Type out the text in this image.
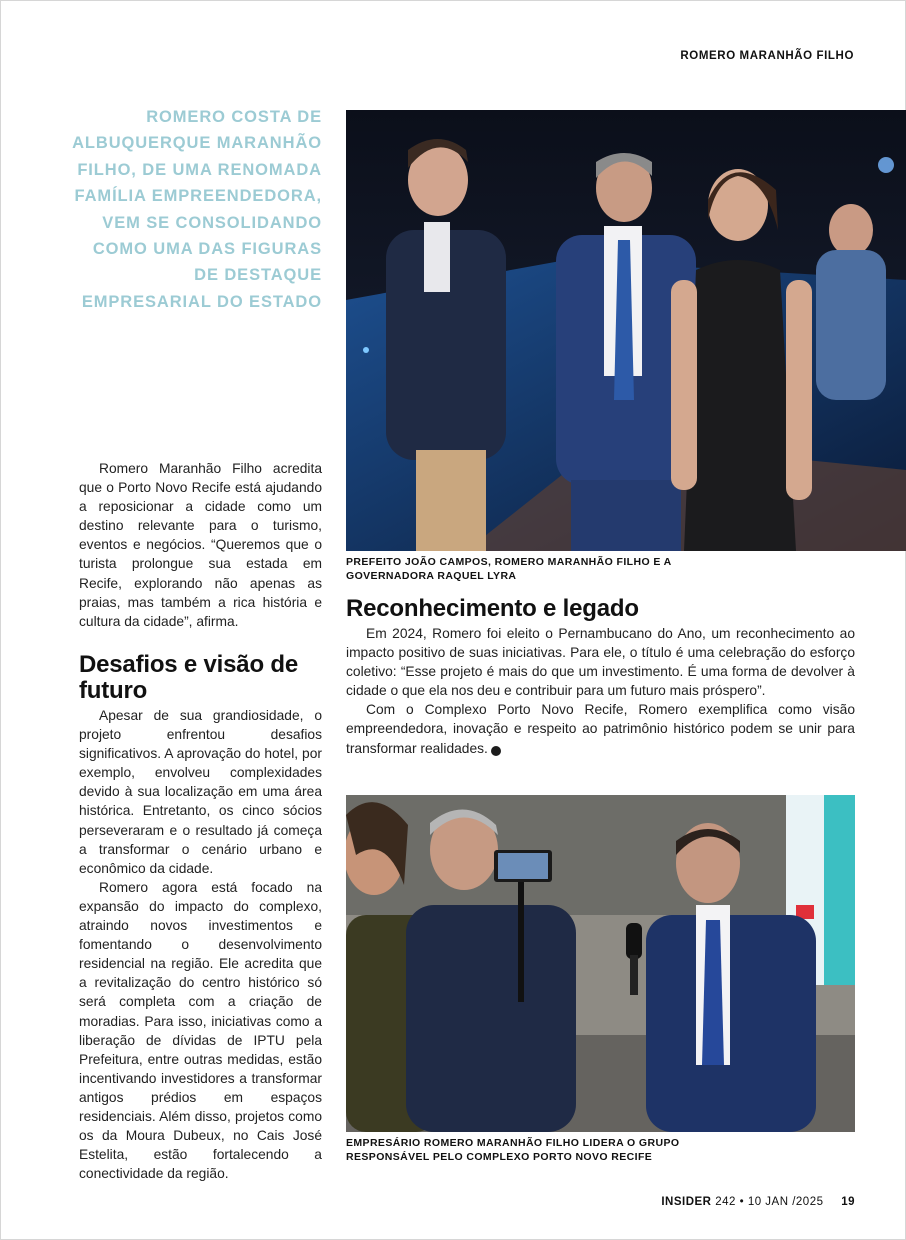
ROMERO MARANHÃO FILHO
ROMERO COSTA DE ALBUQUERQUE MARANHÃO FILHO, DE UMA RENOMADA FAMÍLIA EMPREENDEDORA, VEM SE CONSOLIDANDO COMO UMA DAS FIGURAS DE DESTAQUE EMPRESARIAL DO ESTADO
PREFEITO JOÃO CAMPOS, ROMERO MARANHÃO FILHO E A GOVERNADORA RAQUEL LYRA

Romero Maranhão Filho acredita que o Porto Novo Recife está ajudando a reposicionar a cidade como um destino relevante para o turismo, eventos e negócios. “Queremos que o turista prolongue sua estada em Recife, explorando não apenas as praias, mas também a rica história e cultura da cidade”, afirma.

Desafios e visão de futuro

Apesar de sua grandiosidade, o projeto enfrentou desafios significativos. A aprovação do hotel, por exemplo, envolveu complexidades devido à sua localização em uma área histórica. Entretanto, os cinco sócios perseveraram e o resultado já começa a transformar o cenário urbano e econômico da cidade.

Romero agora está focado na expansão do impacto do complexo, atraindo novos investimentos e fomentando o desenvolvimento residencial na região. Ele acredita que a revitalização do centro histórico só será completa com a criação de moradias. Para isso, iniciativas como a liberação de dívidas de IPTU pela Prefeitura, entre outras medidas, estão incentivando investidores a transformar antigos prédios em espaços residenciais. Além disso, projetos como os da Moura Dubeux, no Cais José Estelita, estão fortalecendo a conectividade da região.

Reconhecimento e legado

Em 2024, Romero foi eleito o Pernambucano do Ano, um reconhecimento ao impacto positivo de suas iniciativas. Para ele, o título é uma celebração do esforço coletivo: “Esse projeto é mais do que um investimento. É uma forma de devolver à cidade o que ela nos deu e contribuir para um futuro mais próspero”.

Com o Complexo Porto Novo Recife, Romero exemplifica como visão empreendedora, inovação e respeito ao patrimônio histórico podem se unir para transformar realidades.	✚

EMPRESÁRIO ROMERO MARANHÃO FILHO LIDERA O GRUPO RESPONSÁVEL PELO COMPLEXO PORTO NOVO RECIFE
INSIDER 242 • 10 JAN /2025 19
